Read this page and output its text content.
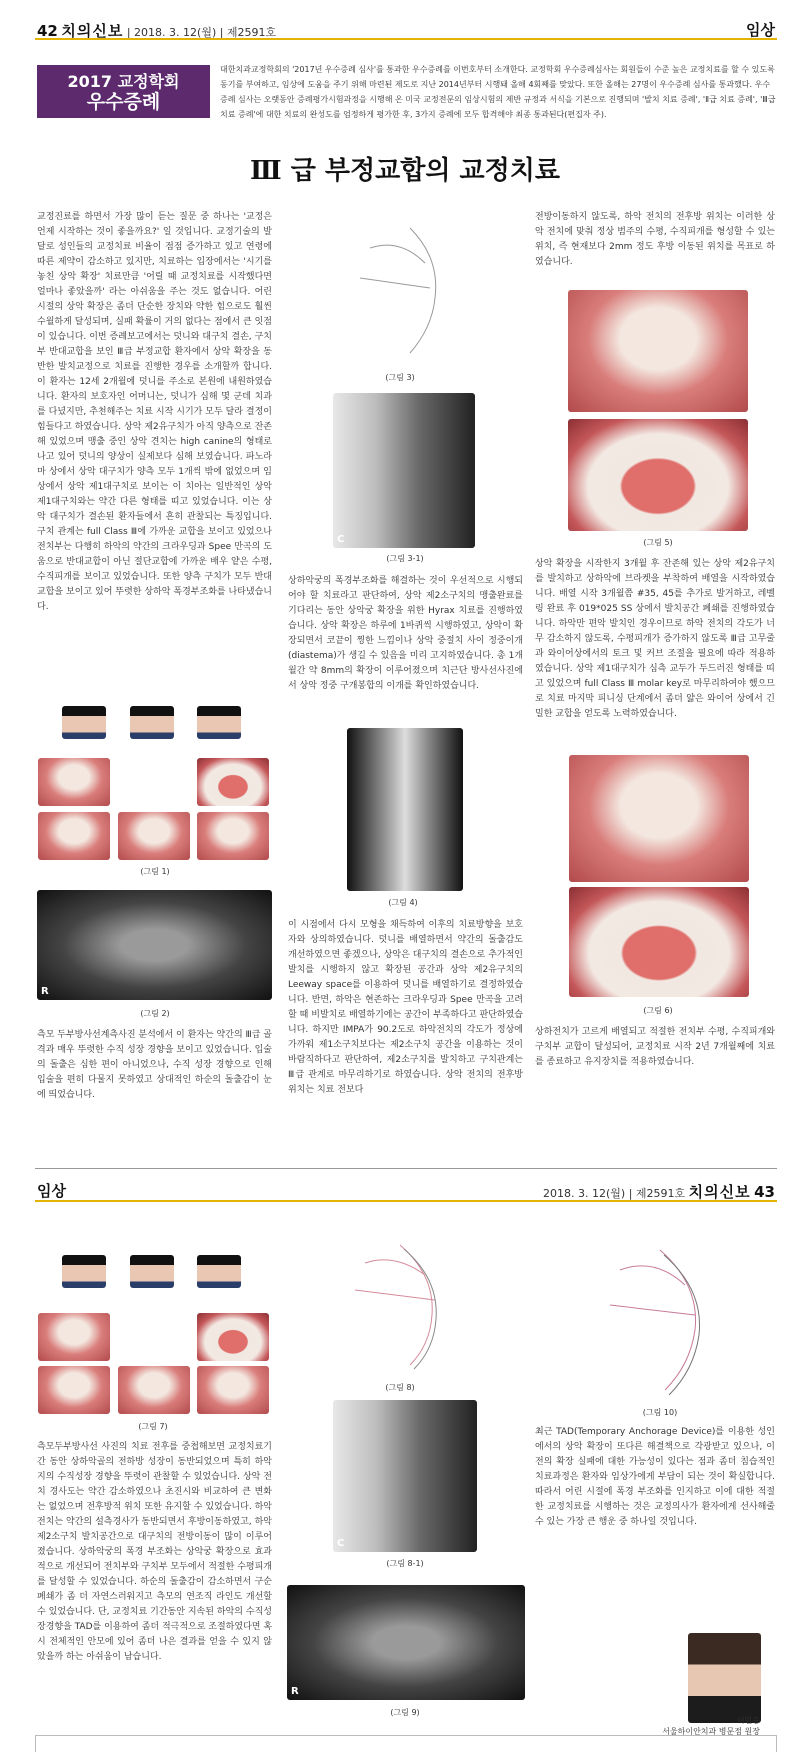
42 치의신보 | 2018. 3. 12(월) | 제2591호	임상
2017 교정학회
우수증례
대한치과교정학회의 '2017년 우수증례 심사'를 통과한 우수증례를 이번호부터 소개한다. 교정학회 우수증례심사는 회원들이 수준 높은 교정치료를 할 수 있도록 동기를 부여하고, 임상에 도움을 주기 위해 마련된 제도로 지난 2014년부터 시행돼 올해 4회째를 맞았다. 또한 올해는 27명이 우수증례 심사를 통과했다. 우수증례 심사는 오랫동안 증례평가시험과정을 시행해 온 미국 교정전문의 임상시험의 제반 규정과 서식을 기본으로 진행되며 '발치 치료 증례', 'Ⅱ급 치료 증례', 'Ⅲ급 치료 증례'에 대한 치료의 완성도를 엄정하게 평가한 후, 3가지 증례에 모두 합격해야 최종 통과된다(편집자 주).
Ⅲ 급 부정교합의 교정치료
교정진료를 하면서 가장 많이 듣는 질문 중 하나는 '교정은 언제 시작하는 것이 좋을까요?' 일 것입니다. 교정기술의 발달로 성인들의 교정치료 비율이 점점 증가하고 있고 연령에 따른 제약이 감소하고 있지만, 치료하는 입장에서는 '시기를 놓친 상악 확장' 치료만큼 '어릴 때 교정치료를 시작했다면 얼마나 좋았을까' 라는 아쉬움을 주는 것도 없습니다. 어린 시절의 상악 확장은 좀더 단순한 장치와 약한 힘으로도 훨씬 수월하게 달성되며, 실패 확률이 거의 없다는 점에서 큰 잇점이 있습니다. 이번 증례보고에서는 덧니와 대구치 결손, 구치부 반대교합을 보인 Ⅲ급 부정교합 환자에서 상악 확장을 동반한 발치교정으로 치료를 진행한 경우를 소개할까 합니다. 이 환자는 12세 2개월에 덧니를 주소로 본원에 내원하였습니다. 환자의 보호자인 어머니는, 덧니가 심해 몇 군데 치과를 다녔지만, 추천해주는 치료 시작 시기가 모두 달라 결정이 힘들다고 하였습니다. 상악 제2유구치가 아직 양측으로 잔존해 있었으며 맹출 중인 상악 견치는 high canine의 형태로 나고 있어 덧니의 양상이 실제보다 심해 보였습니다. 파노라마 상에서 상악 대구치가 양측 모두 1개씩 밖에 없었으며 임상에서 상악 제1대구치로 보이는 이 치아는 일반적인 상악 제1대구치와는 약간 다른 형태를 띠고 있었습니다. 이는 상악 대구치가 결손된 환자들에서 흔히 관찰되는 특징입니다. 구치 관계는 full Class Ⅲ에 가까운 교합을 보이고 있었으나 전치부는 다행히 하악의 약간의 크라우딩과 Spee 만곡의 도움으로 반대교합이 아닌 절단교합에 가까운 배우 얕은 수평, 수직피개를 보이고 있었습니다. 또한 양측 구치가 모두 반대교합을 보이고 있어 뚜렷한 상하악 폭경부조화를 나타냈습니다.
(그림 1)
R
(그림 2)
측모 두부방사선계측사진 분석에서 이 환자는 약간의 Ⅲ급 골격과 매우 뚜렷한 수직 성장 경향을 보이고 있었습니다. 입술의 돌출은 심한 편이 아니었으나, 수직 성장 경향으로 인해 입술을 편히 다물지 못하였고 상대적인 하순의 돌출감이 눈에 띄었습니다.
(그림 3)
C
(그림 3-1)
상하악궁의 폭경부조화를 해결하는 것이 우선적으로 시행되어야 할 치료라고 판단하여, 상악 제2소구치의 맹출완료를 기다리는 동안 상악궁 확장을 위한 Hyrax 치료를 진행하였습니다. 상악 확장은 하루에 1바퀴씩 시행하였고, 상악이 확장되면서 코끝이 찡한 느낌이나 상악 중절치 사이 정중이개(diastema)가 생길 수 있음을 미리 고지하였습니다. 총 1개월간 약 8mm의 확장이 이루어졌으며 치근단 방사선사진에서 상악 정중 구개봉합의 이개를 확인하였습니다.
(그림 4)
이 시점에서 다시 모형을 채득하여 이후의 치료방향을 보호자와 상의하였습니다. 덧니를 배열하면서 약간의 돌출감도 개선하였으면 좋겠으나, 상악은 대구치의 결손으로 추가적인 발치를 시행하지 않고 확장된 공간과 상악 제2유구치의 Leeway space를 이용하여 덧니를 배열하기로 결정하였습니다. 반면, 하악은 현존하는 크라우딩과 Spee 만곡을 고려할 때 비발치로 배열하기에는 공간이 부족하다고 판단하였습니다. 하지만 IMPA가 90.2도로 하악전치의 각도가 정상에 가까워 제1소구치보다는 제2소구치 공간을 이용하는 것이 바람직하다고 판단하여, 제2소구치를 발치하고 구치관계는 Ⅲ급 관계로 마무리하기로 하였습니다. 상악 전치의 전후방 위치는 치료 전보다
전방이동하지 않도록, 하악 전치의 전후방 위치는 이러한 상악 전치에 맞춰 정상 범주의 수평, 수직피개를 형성할 수 있는 위치, 즉 현재보다 2mm 정도 후방 이동된 위치를 목표로 하였습니다.
(그림 5)
상악 확장을 시작한지 3개월 후 잔존해 있는 상악 제2유구치를 발치하고 상하악에 브라켓을 부착하여 배열을 시작하였습니다. 배열 시작 3개월쯤 #35, 45를 추가로 발거하고, 레벨링 완료 후 019*025 SS 상에서 발치공간 폐쇄를 진행하였습니다. 하악만 편악 발치인 경우이므로 하악 전치의 각도가 너무 감소하지 않도록, 수평피개가 증가하지 않도록 Ⅲ급 고무줄과 와이어상에서의 토크 및 커브 조절을 필요에 따라 적용하였습니다. 상악 제1대구치가 심측 교두가 두드러진 형태를 띠고 있었으며 full Class Ⅲ molar key로 마무리하여야 했으므로 치료 마지막 피니싱 단계에서 좀더 얇은 와이어 상에서 긴밀한 교합을 얻도록 노력하였습니다.
(그림 6)
상하전치가 고르게 배열되고 적절한 전치부 수평, 수직피개와 구치부 교합이 달성되어, 교정치료 시작 2년 7개월째에 치료를 종료하고 유지장치를 적용하였습니다.
임상	2018. 3. 12(월) | 제2591호 치의신보 43
(그림 7)
측모두부방사선 사진의 치료 전후를 중첩해보면 교정치료기간 동안 상하악골의 전하방 성장이 동반되었으며 특히 하악지의 수직성장 경향을 뚜렷이 관찰할 수 있었습니다. 상악 전치 경사도는 약간 감소하였으나 초진시와 비교하여 큰 변화는 없었으며 전후방적 위치 또한 유지할 수 있었습니다. 하악전치는 약간의 설측경사가 동반되면서 후방이동하였고, 하악 제2소구치 발치공간으로 대구치의 전방이동이 많이 이루어졌습니다. 상하악궁의 폭경 부조화는 상악궁 확장으로 효과적으로 개선되어 전치부와 구치부 모두에서 적절한 수평피개를 달성할 수 있었습니다. 하순의 돌출감이 감소하면서 구순 폐쇄가 좀 더 자연스러워지고 측모의 연조직 라인도 개선할 수 있었습니다. 단, 교정치료 기간동안 지속된 하악의 수직성장경향을 TAD를 이용하여 좀더 적극적으로 조절하였다면 혹시 전체적인 안모에 있어 좀더 나은 결과를 얻을 수 있지 않았을까 하는 아쉬움이 남습니다.
(그림 8)
C
(그림 8-1)
R
(그림 9)
(그림 10)
최근 TAD(Temporary Anchorage Device)를 이용한 성인에서의 상악 확장이 또다른 해결책으로 각광받고 있으나, 이전의 확장 실패에 대한 가능성이 있다는 점과 좀더 침습적인 치료과정은 환자와 임상가에게 부담이 되는 것이 확실합니다. 따라서 어린 시절에 폭경 부조화를 인지하고 이에 대한 적절한 교정치료를 시행하는 것은 교정의사가 환자에게 선사해줄 수 있는 가장 큰 행운 중 하나일 것입니다.
이민송
서울하이안치과 병문점 원장
